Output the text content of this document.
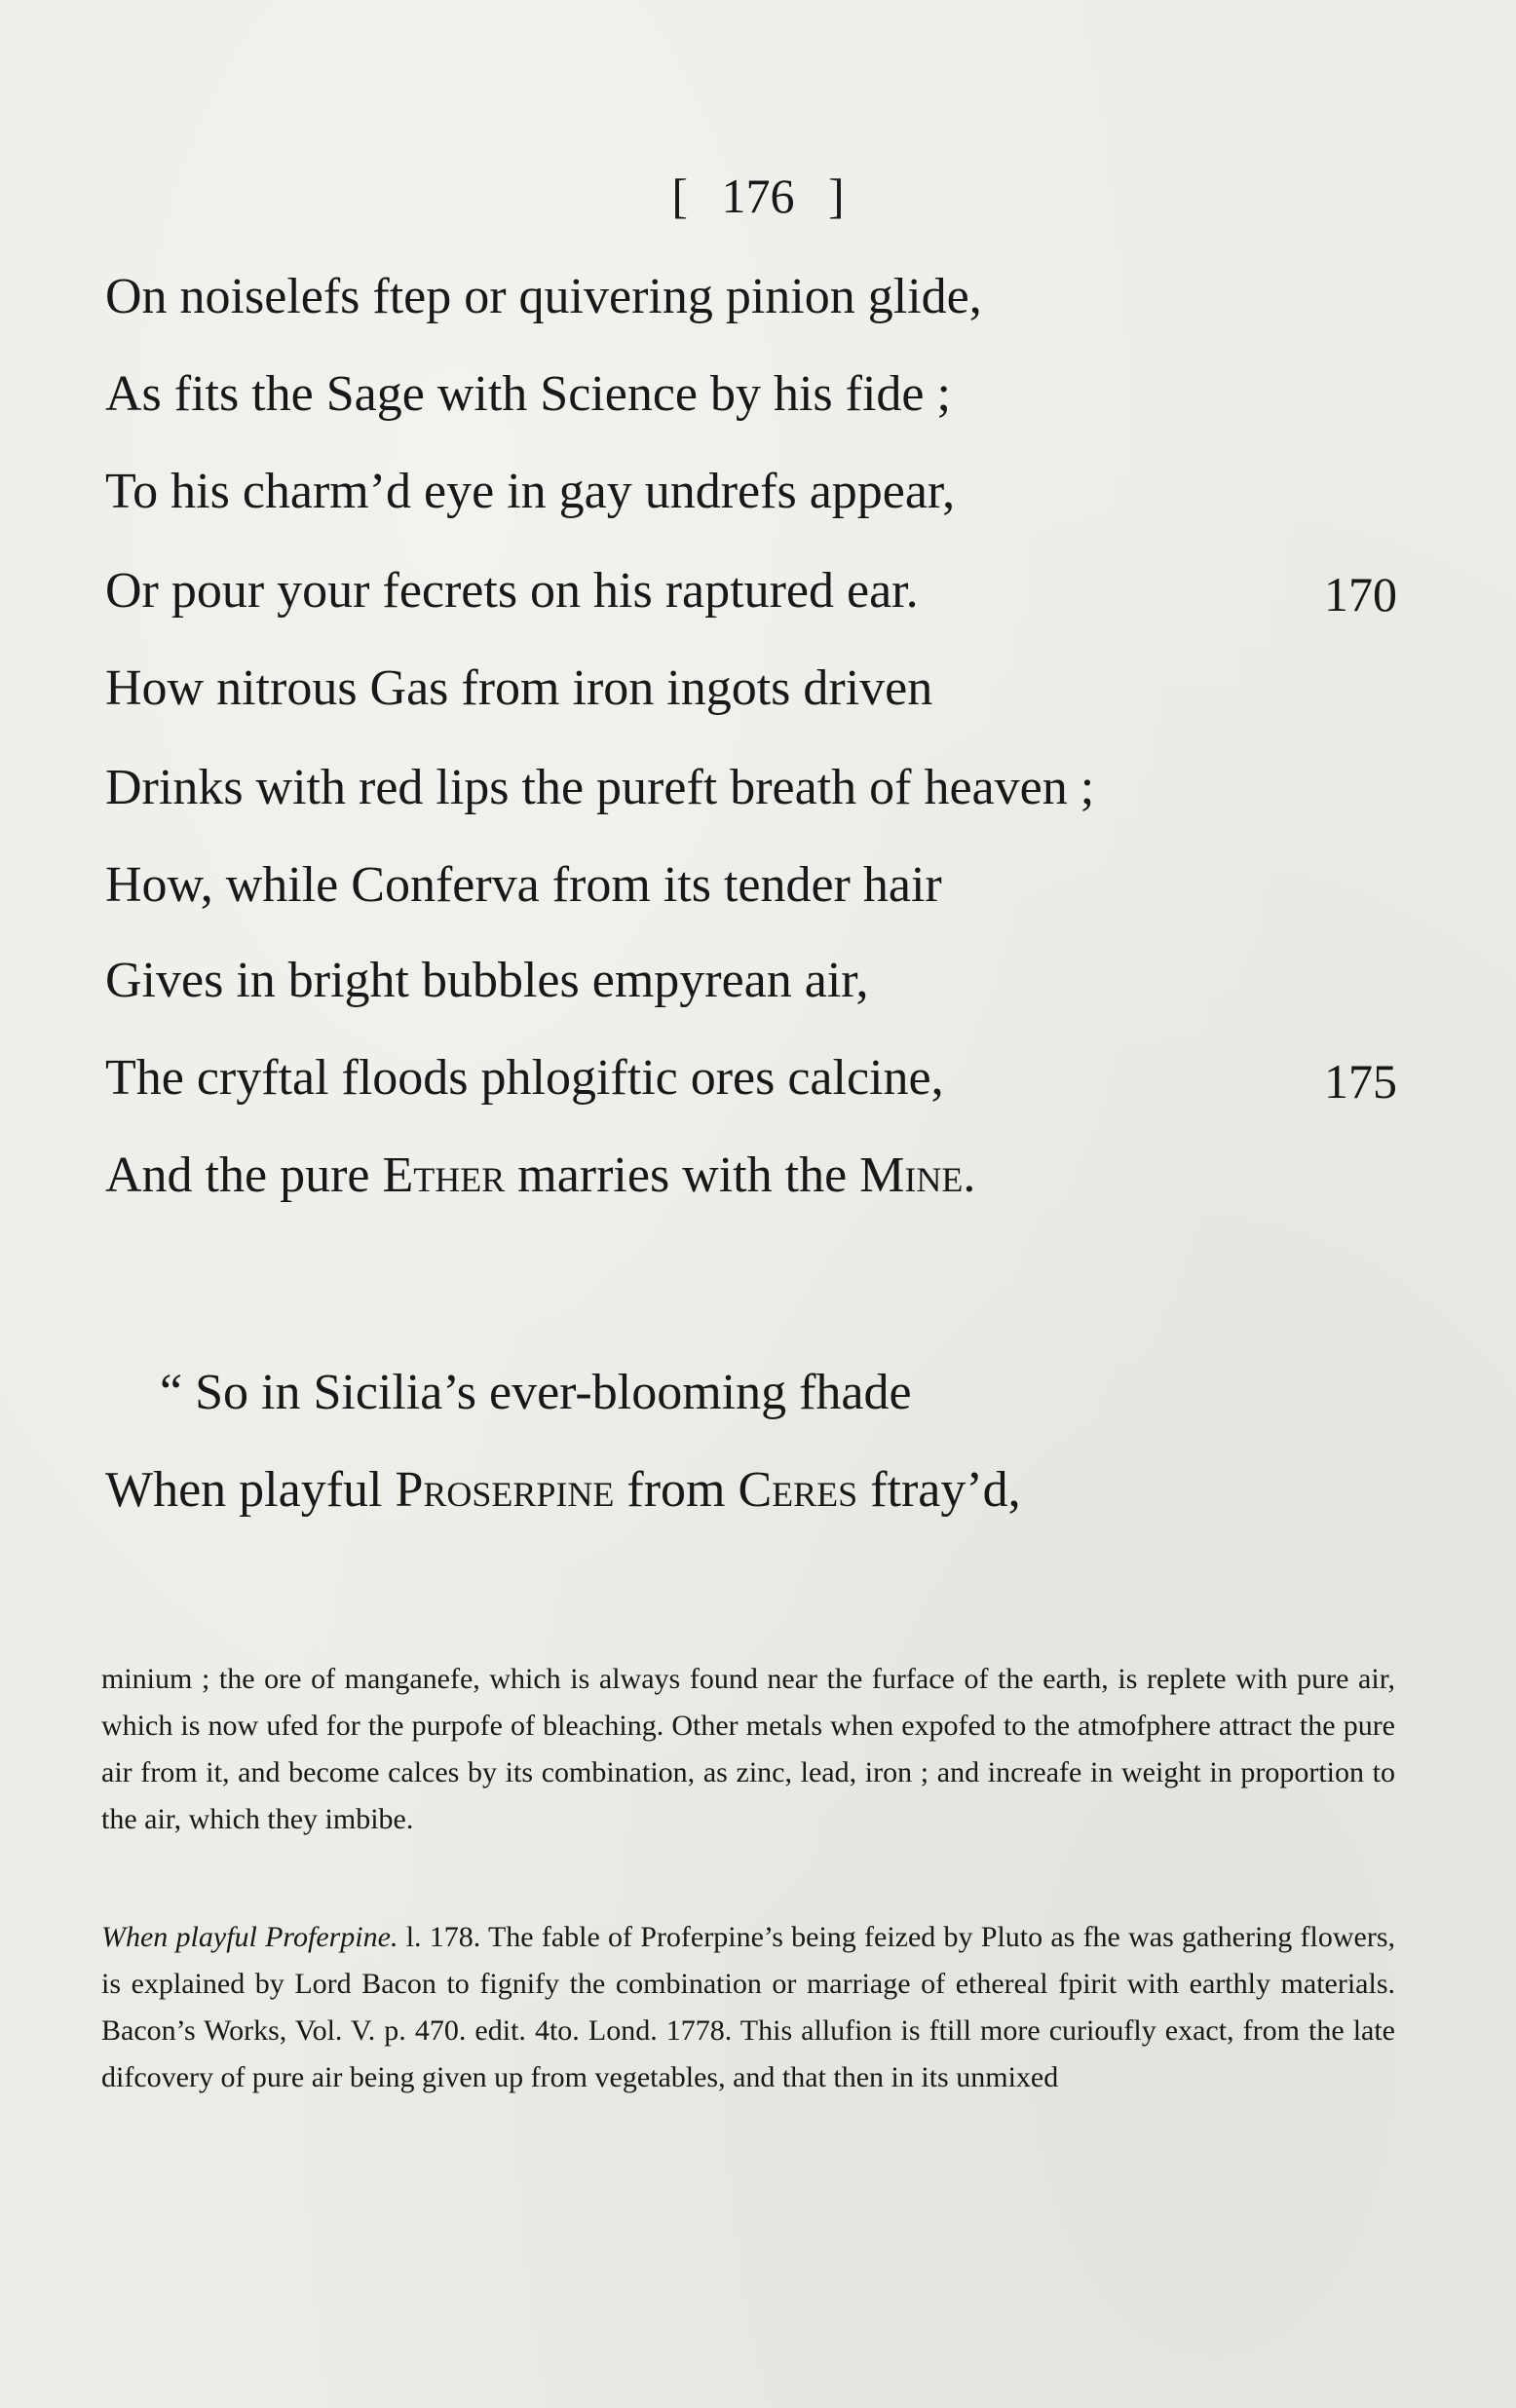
[ 176 ]
On noiselefs ftep or quivering pinion glide,
As fits the Sage with Science by his fide ;
To his charm’d eye in gay undrefs appear,
Or pour your fecrets on his raptured ear.	170
How nitrous Gas from iron ingots driven
Drinks with red lips the pureft breath of heaven ;
How, while Conferva from its tender hair
Gives in bright bubbles empyrean air,
The cryftal floods phlogiftic ores calcine,	175
And the pure Ether marries with the Mine.
“ So in Sicilia’s ever-blooming fhade
When playful Proserpine from Ceres ftray’d,

minium ; the ore of manganefe, which is always found near the furface of the earth, is replete with pure air, which is now ufed for the purpofe of bleaching. Other metals when expofed to the atmofphere attract the pure air from it, and become calces by its combination, as zinc, lead, iron ; and increafe in weight in proportion to the air, which they imbibe.

When playful Proferpine. l. 178. The fable of Proferpine’s being feized by Pluto as fhe was gathering flowers, is explained by Lord Bacon to fignify the combination or marriage of ethereal fpirit with earthly materials. Bacon’s Works, Vol. V. p. 470. edit. 4to. Lond. 1778. This allufion is ftill more curioufly exact, from the late difcovery of pure air being given up from vegetables, and that then in its unmixed
